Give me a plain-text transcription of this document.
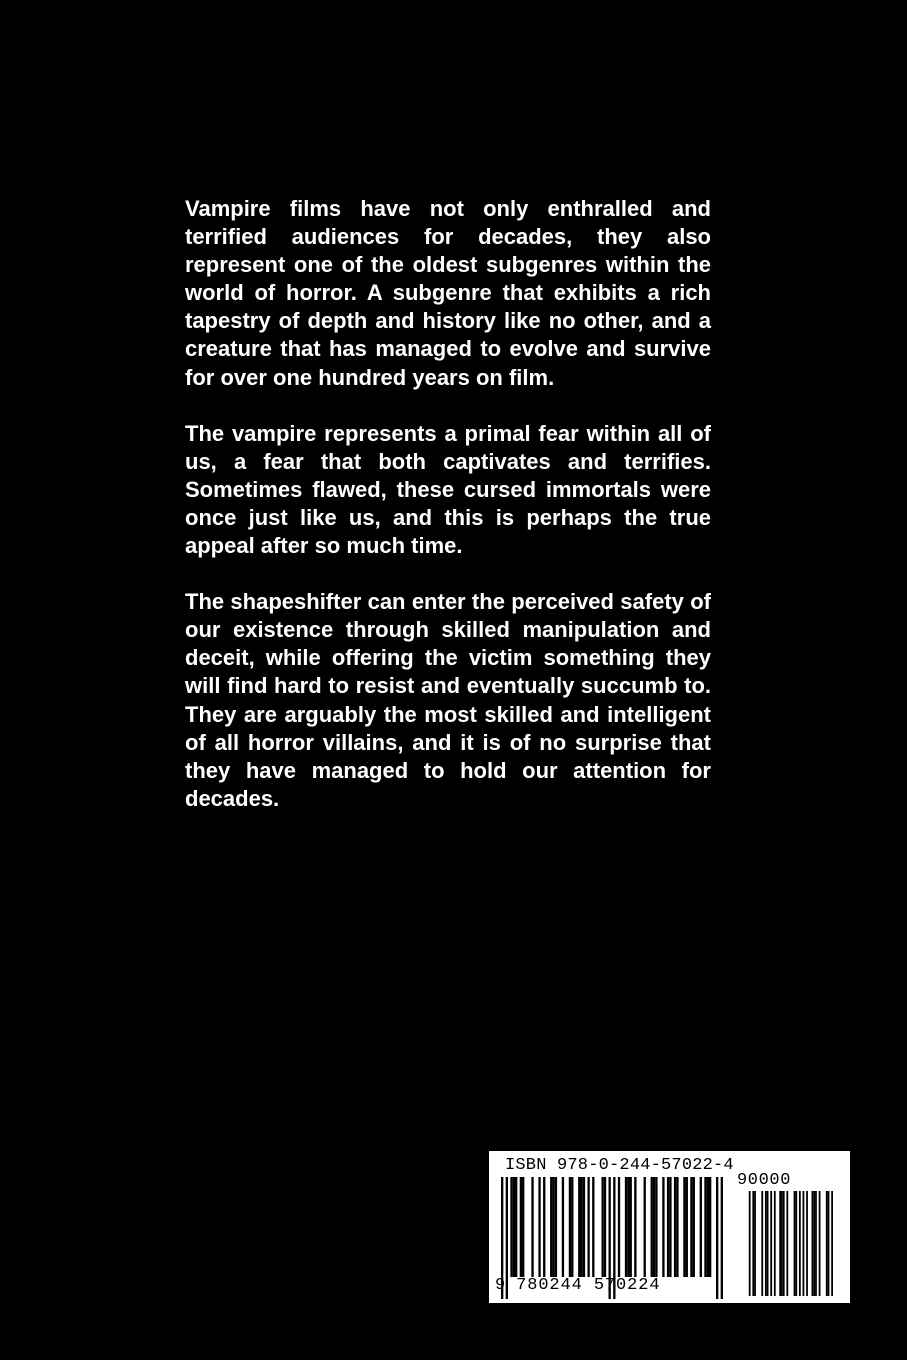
Vampire films have not only enthralled and terrified audiences for decades, they also represent one of the oldest subgenres within the world of horror. A subgenre that exhibits a rich tapestry of depth and history like no other, and a creature that has managed to evolve and survive for over one hundred years on film.

The vampire represents a primal fear within all of us, a fear that both captivates and terrifies. Sometimes flawed, these cursed immortals were once just like us, and this is perhaps the true appeal after so much time.

The shapeshifter can enter the perceived safety of our existence through skilled manipulation and deceit, while offering the victim something they will find hard to resist and eventually succumb to. They are arguably the most skilled and intelligent of all horror villains, and it is of no surprise that they have managed to hold our attention for decades.

ISBN 978-0-244-57022-4
90000
9 780244 570224
